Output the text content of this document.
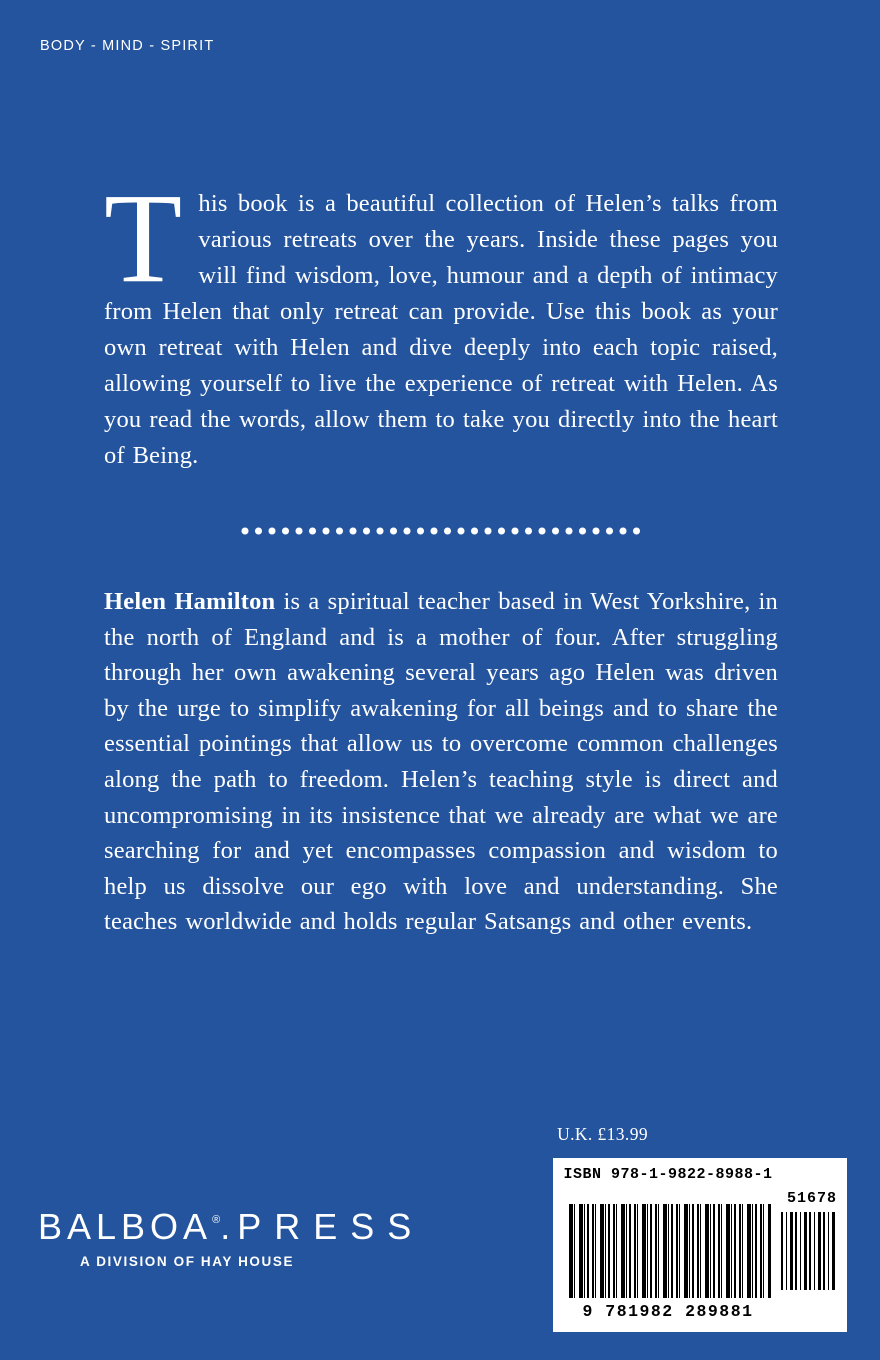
BODY - MIND - SPIRIT
This book is a beautiful collection of Helen’s talks from various retreats over the years. Inside these pages you will find wisdom, love, humour and a depth of intimacy from Helen that only retreat can provide. Use this book as your own retreat with Helen and dive deeply into each topic raised, allowing yourself to live the experience of retreat with Helen. As you read the words, allow them to take you directly into the heart of Being.
Helen Hamilton is a spiritual teacher based in West Yorkshire, in the north of England and is a mother of four. After struggling through her own awakening several years ago Helen was driven by the urge to simplify awakening for all beings and to share the essential pointings that allow us to overcome common challenges along the path to freedom. Helen’s teaching style is direct and uncompromising in its insistence that we already are what we are searching for and yet encompasses compassion and wisdom to help us dissolve our ego with love and understanding. She teaches worldwide and holds regular Satsangs and other events.
U.K. £13.99
BALBOA®.PRESS
A DIVISION OF HAY HOUSE
ISBN 978-1-9822-8988-1
51678
9 781982 289881
